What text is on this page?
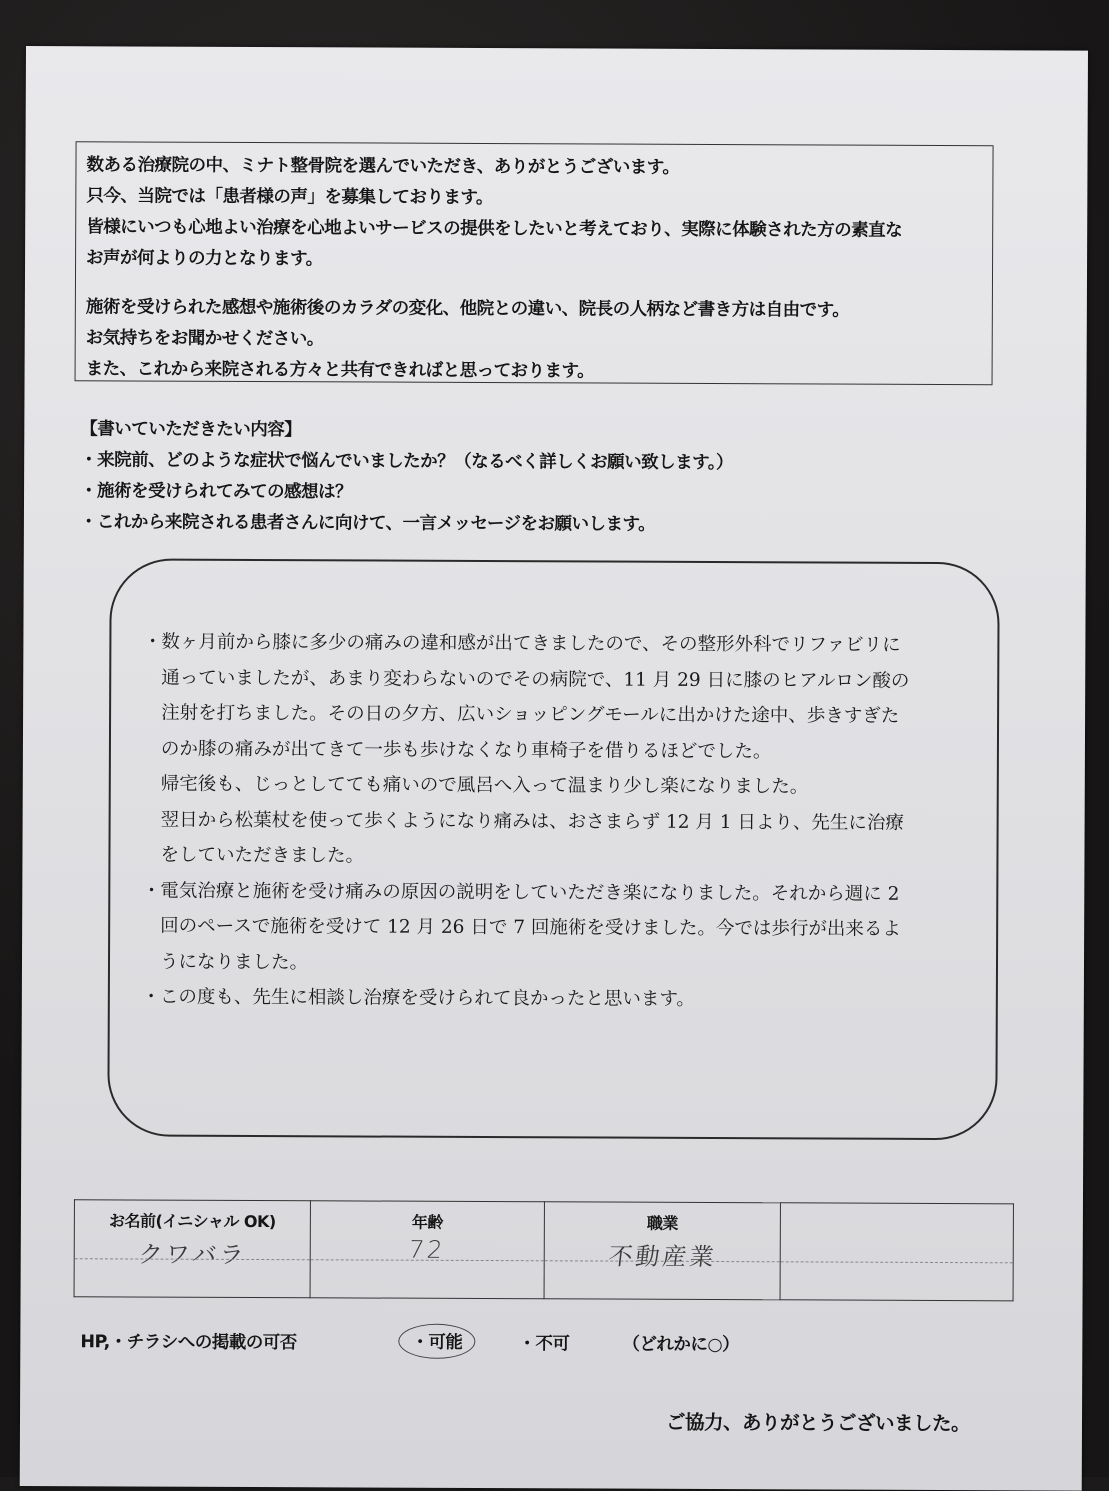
数ある治療院の中、ミナト整骨院を選んでいただき、ありがとうございます。
只今、当院では「患者様の声」を募集しております。
皆様にいつも心地よい治療を心地よいサービスの提供をしたいと考えており、実際に体験された方の素直な
お声が何よりの力となります。
施術を受けられた感想や施術後のカラダの変化、他院との違い、院長の人柄など書き方は自由です。
お気持ちをお聞かせください。
また、これから来院される方々と共有できればと思っております。
【書いていただきたい内容】
・来院前、どのような症状で悩んでいましたか？（なるべく詳しくお願い致します。）
・施術を受けられてみての感想は？
・これから来院される患者さんに向けて、一言メッセージをお願いします。
・数ヶ月前から膝に多少の痛みの違和感が出てきましたので、その整形外科でリファビリに
通っていましたが、あまり変わらないのでその病院で、11 月 29 日に膝のヒアルロン酸の
注射を打ちました。その日の夕方、広いショッピングモールに出かけた途中、歩きすぎた
のか膝の痛みが出てきて一歩も歩けなくなり車椅子を借りるほどでした。
帰宅後も、じっとしてても痛いので風呂へ入って温まり少し楽になりました。
翌日から松葉杖を使って歩くようになり痛みは、おさまらず 12 月 1 日より、先生に治療
をしていただきました。
・電気治療と施術を受け痛みの原因の説明をしていただき楽になりました。それから週に 2
回のペースで施術を受けて 12 月 26 日で 7 回施術を受けました。今では歩行が出来るよ
うになりました。
・この度も、先生に相談し治療を受けられて良かったと思います。
お名前(イニシャル OK)
クワバラ

年齢
72

職業
不動産業

HP,・チラシへの掲載の可否	・可能	・不可	（どれかに○）
ご協力、ありがとうございました。
